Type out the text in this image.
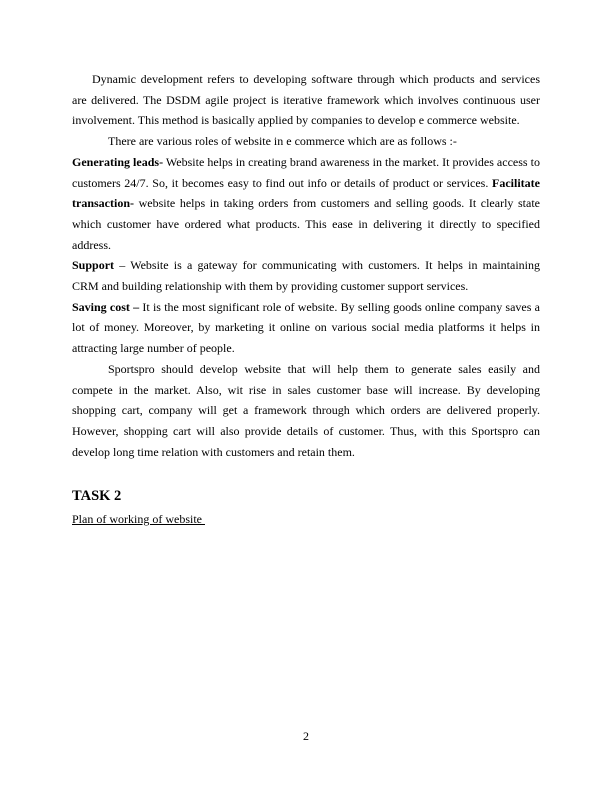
Dynamic development refers to developing software through which products and services are delivered. The DSDM agile project is iterative framework which involves continuous user involvement. This method is basically applied by companies to develop e commerce website.

There are various roles of website in e commerce which are as follows :-

Generating leads- Website helps in creating brand awareness in the market. It provides access to customers 24/7. So, it becomes easy to find out info or details of product or services. Facilitate transaction- website helps in taking orders from customers and selling goods. It clearly state which customer have ordered what products. This ease in delivering it directly to specified address.

Support – Website is a gateway for communicating with customers. It helps in maintaining CRM and building relationship with them by providing customer support services.

Saving cost – It is the most significant role of website. By selling goods online company saves a lot of money. Moreover, by marketing it online on various social media platforms it helps in attracting large number of people.

Sportspro should develop website that will help them to generate sales easily and compete in the market. Also, wit rise in sales customer base will increase. By developing shopping cart, company will get a framework through which orders are delivered properly. However, shopping cart will also provide details of customer. Thus, with this Sportspro can develop long time relation with customers and retain them.

TASK 2

Plan of working of website

2
